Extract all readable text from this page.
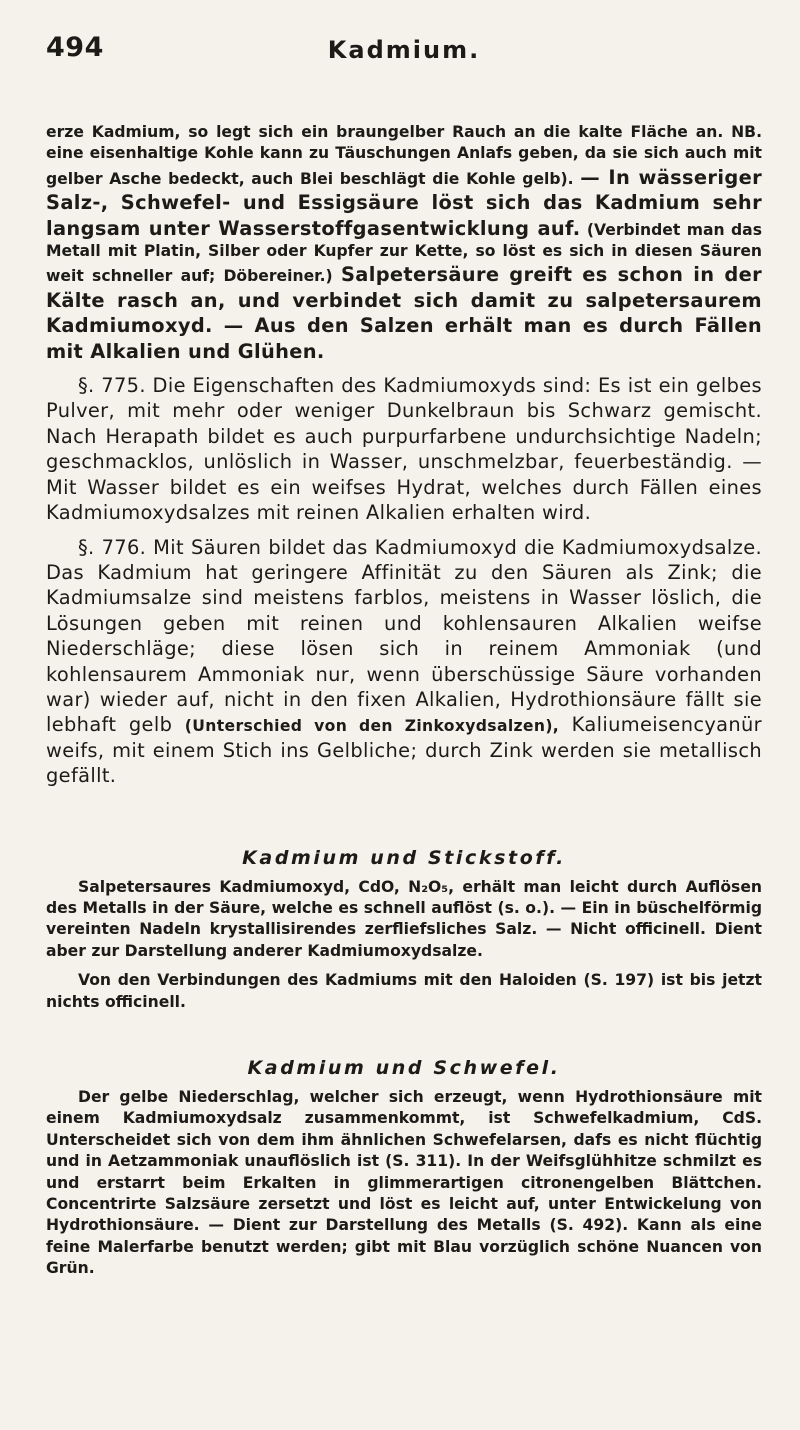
494	Kadmium.

erze Kadmium, so legt sich ein braungelber Rauch an die kalte Fläche an. NB. eine eisenhaltige Kohle kann zu Täuschungen Anlafs geben, da sie sich auch mit gelber Asche bedeckt, auch Blei beschlägt die Kohle gelb). — In wässeriger Salz-, Schwefel- und Essigsäure löst sich das Kadmium sehr langsam unter Wasserstoffgasentwicklung auf. (Verbindet man das Metall mit Platin, Silber oder Kupfer zur Kette, so löst es sich in diesen Säuren weit schneller auf; Döbereiner.) Salpetersäure greift es schon in der Kälte rasch an, und verbindet sich damit zu salpetersaurem Kadmiumoxyd. — Aus den Salzen erhält man es durch Fällen mit Alkalien und Glühen.

§. 775. Die Eigenschaften des Kadmiumoxyds sind: Es ist ein gelbes Pulver, mit mehr oder weniger Dunkelbraun bis Schwarz gemischt. Nach Herapath bildet es auch purpurfarbene undurchsichtige Nadeln; geschmacklos, unlöslich in Wasser, unschmelzbar, feuerbeständig. — Mit Wasser bildet es ein weifses Hydrat, welches durch Fällen eines Kadmiumoxydsalzes mit reinen Alkalien erhalten wird.

§. 776. Mit Säuren bildet das Kadmiumoxyd die Kadmiumoxydsalze. Das Kadmium hat geringere Affinität zu den Säuren als Zink; die Kadmiumsalze sind meistens farblos, meistens in Wasser löslich, die Lösungen geben mit reinen und kohlensauren Alkalien weifse Niederschläge; diese lösen sich in reinem Ammoniak (und kohlensaurem Ammoniak nur, wenn überschüssige Säure vorhanden war) wieder auf, nicht in den fixen Alkalien, Hydrothionsäure fällt sie lebhaft gelb (Unterschied von den Zinkoxydsalzen), Kaliumeisencyanür weifs, mit einem Stich ins Gelbliche; durch Zink werden sie metallisch gefällt.

Kadmium und Stickstoff.

Salpetersaures Kadmiumoxyd, CdO, N₂O₅, erhält man leicht durch Auflösen des Metalls in der Säure, welche es schnell auflöst (s. o.). — Ein in büschelförmig vereinten Nadeln krystallisirendes zerfliefsliches Salz. — Nicht officinell. Dient aber zur Darstellung anderer Kadmiumoxydsalze.

Von den Verbindungen des Kadmiums mit den Haloiden (S. 197) ist bis jetzt nichts officinell.

Kadmium und Schwefel.

Der gelbe Niederschlag, welcher sich erzeugt, wenn Hydrothionsäure mit einem Kadmiumoxydsalz zusammenkommt, ist Schwefelkadmium, CdS. Unterscheidet sich von dem ihm ähnlichen Schwefelarsen, dafs es nicht flüchtig und in Aetzammoniak unauflöslich ist (S. 311). In der Weifsglühhitze schmilzt es und erstarrt beim Erkalten in glimmerartigen citronengelben Blättchen. Concentrirte Salzsäure zersetzt und löst es leicht auf, unter Entwickelung von Hydrothionsäure. — Dient zur Darstellung des Metalls (S. 492). Kann als eine feine Malerfarbe benutzt werden; gibt mit Blau vorzüglich schöne Nuancen von Grün.
